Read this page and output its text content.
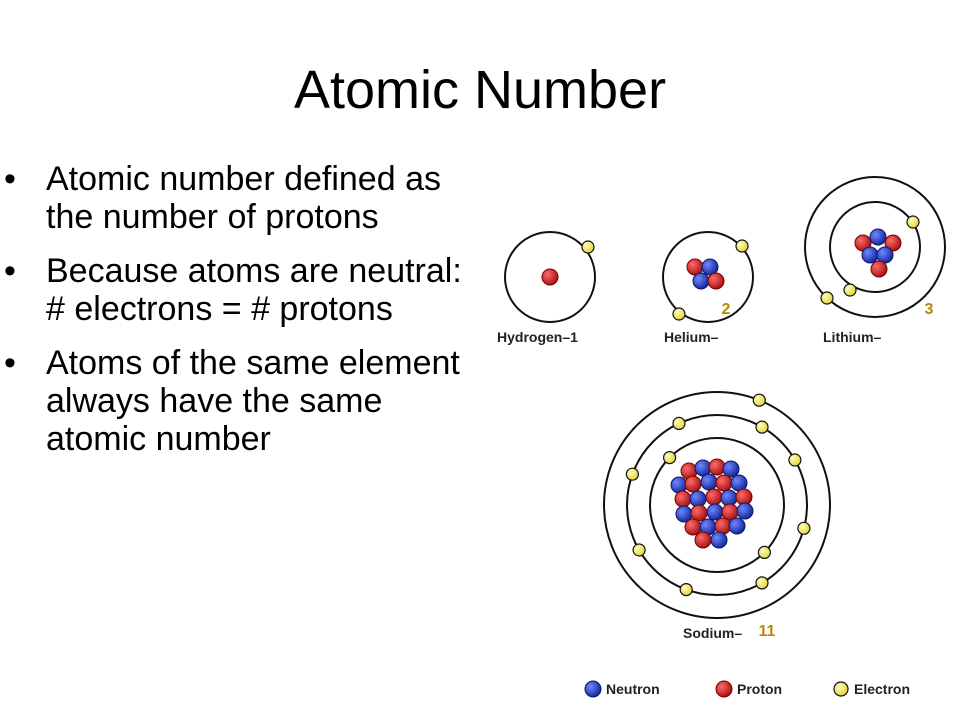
Atomic Number
• Atomic number defined as the number of protons
• Because atoms are neutral: # electrons = # protons
• Atoms of the same element always have the same atomic number
Hydrogen–1	Helium–
2
Lithium–
3
Sodium– 11
Neutron	Proton	Electron
